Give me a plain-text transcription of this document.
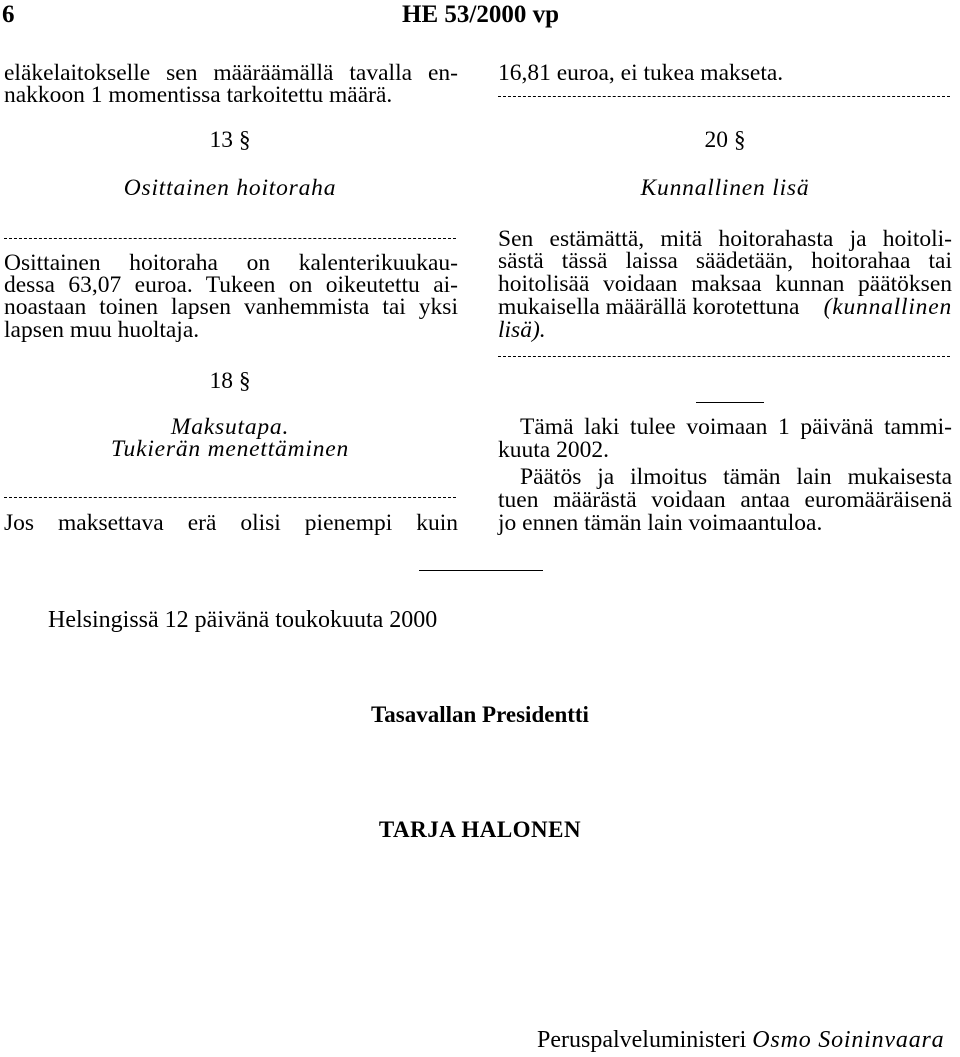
6	HE 53/2000 vp
eläkelaitokselle sen määräämällä tavalla en-
nakkoon 1 momentissa tarkoitettu määrä.
13 §
Osittainen hoitoraha
Osittainen hoitoraha on kalenterikuukau-
dessa 63,07 euroa. Tukeen on oikeutettu ai-
noastaan toinen lapsen vanhemmista tai yksi
lapsen muu huoltaja.
18 §
Maksutapa.
Tukierän menettäminen
Jos maksettava erä olisi pienempi kuin
16,81 euroa, ei tukea makseta.
20 §
Kunnallinen lisä
Sen estämättä, mitä hoitorahasta ja hoitoli-
sästä tässä laissa säädetään, hoitorahaa tai
hoitolisää voidaan maksaa kunnan päätöksen
mukaisella määrällä korotettuna (kunnallinen
lisä).
Tämä laki tulee voimaan 1 päivänä tammi-
kuuta 2002.
Päätös ja ilmoitus tämän lain mukaisesta
tuen määrästä voidaan antaa euromääräisenä
jo ennen tämän lain voimaantuloa.
Helsingissä 12 päivänä toukokuuta 2000
Tasavallan Presidentti
TARJA HALONEN
Peruspalveluministeri Osmo Soininvaara
